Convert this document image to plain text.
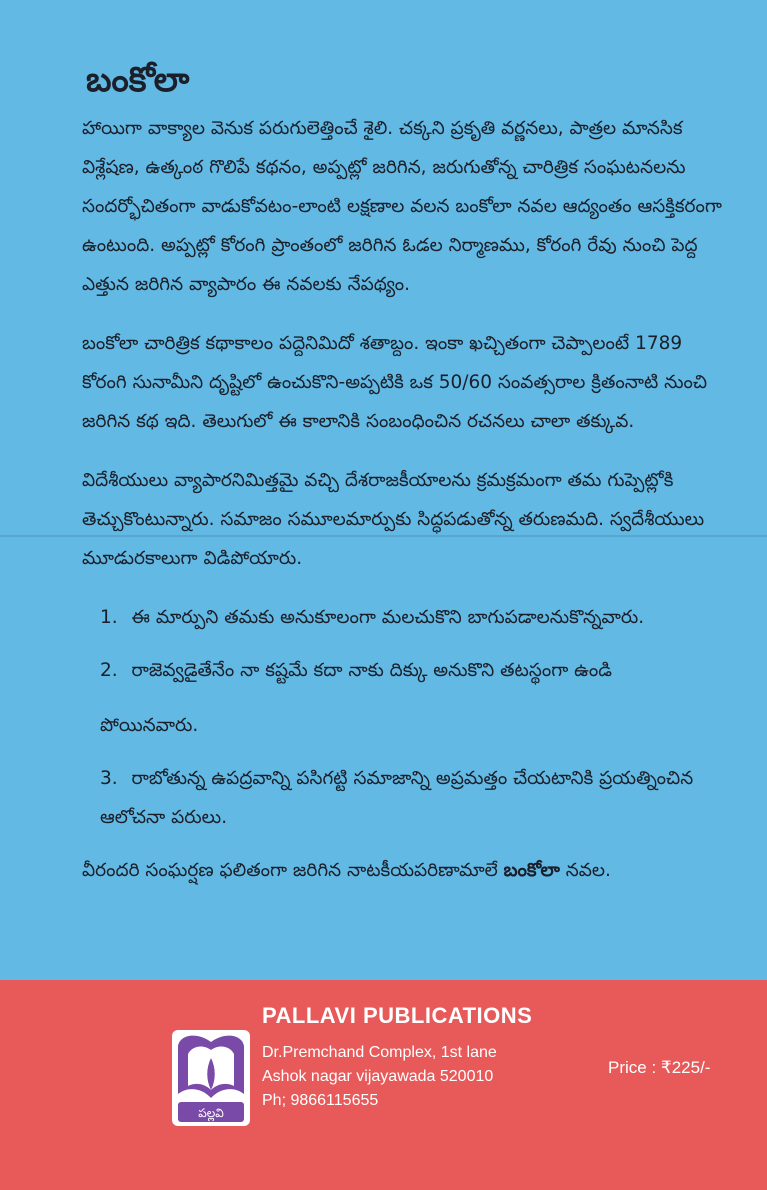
బంకోలా

హాయిగా వాక్యాల వెనుక పరుగులెత్తించే శైలి. చక్కని ప్రకృతి వర్ణనలు, పాత్రల మానసిక విశ్లేషణ, ఉత్కంఠ గొలిపే కథనం, అప్పట్లో జరిగిన, జరుగుతోన్న చారిత్రిక సంఘటనలను సందర్భోచితంగా వాడుకోవటం-లాంటి లక్షణాల వలన బంకోలా నవల ఆద్యంతం ఆసక్తికరంగా ఉంటుంది. అప్పట్లో కోరంగి ప్రాంతంలో జరిగిన ఓడల నిర్మాణము, కోరంగి రేవు నుంచి పెద్ద ఎత్తున జరిగిన వ్యాపారం ఈ నవలకు నేపథ్యం.

బంకోలా చారిత్రిక కథాకాలం పద్దెనిమిదో శతాబ్దం. ఇంకా ఖచ్చితంగా చెప్పాలంటే 1789 కోరంగి సునామీని దృష్టిలో ఉంచుకొని-అప్పటికి ఒక 50/60 సంవత్సరాల క్రితంనాటి నుంచి జరిగిన కథ ఇది. తెలుగులో ఈ కాలానికి సంబంధించిన రచనలు చాలా తక్కువ.

విదేశీయులు వ్యాపారనిమిత్తమై వచ్చి దేశరాజకీయాలను క్రమక్రమంగా తమ గుప్పెట్లోకి తెచ్చుకొంటున్నారు. సమాజం సమూలమార్పుకు సిద్ధపడుతోన్న తరుణమది. స్వదేశీయులు మూడురకాలుగా విడిపోయారు.

1. ఈ మార్పుని తమకు అనుకూలంగా మలచుకొని బాగుపడాలనుకొన్నవారు.
2. రాజెవ్వడైతేనేం నా కష్టమే కదా నాకు దిక్కు అనుకొని తటస్థంగా ఉండి
పోయినవారు.
3. రాబోతున్న ఉపద్రవాన్ని పసిగట్టి సమాజాన్ని అప్రమత్తం చేయటానికి ప్రయత్నించిన ఆలోచనా పరులు.
వీరందరి సంఘర్షణ ఫలితంగా జరిగిన నాటకీయపరిణామాలే బంకోలా నవల.
పల్లవి
PALLAVI PUBLICATIONS
Dr.Premchand Complex, 1st lane
Ashok nagar vijayawada 520010
Ph; 9866115655
Price : ₹225/-
